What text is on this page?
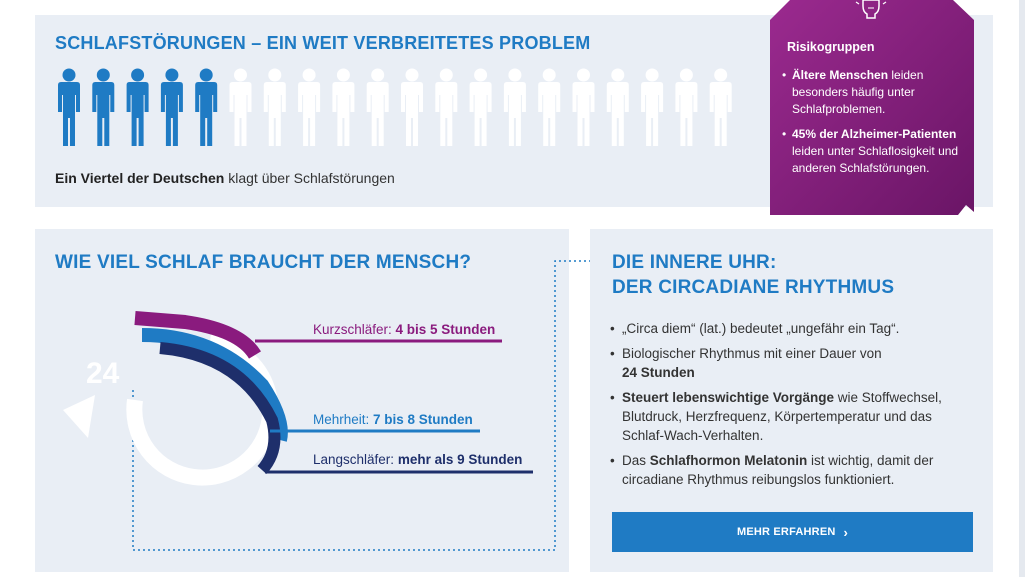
SCHLAFSTÖRUNGEN – EIN WEIT VERBREITETES PROBLEM
Ein Viertel der Deutschen klagt über Schlafstörungen
Risikogruppen
• Ältere Menschen leiden besonders häufig unter Schlafproblemen.
• 45% der Alzheimer-Patienten leiden unter Schlaflosigkeit und anderen Schlafstörungen.
WIE VIEL SCHLAF BRAUCHT DER MENSCH?
24
Kurzschläfer: 4 bis 5 Stunden
Mehrheit: 7 bis 8 Stunden
Langschläfer: mehr als 9 Stunden
DIE INNERE UHR:
DER CIRCADIANE RHYTHMUS
• „Circa diem“ (lat.) bedeutet „ungefähr ein Tag“.
• Biologischer Rhythmus mit einer Dauer von
24 Stunden
• Steuert lebenswichtige Vorgänge wie Stoffwechsel, Blutdruck, Herzfrequenz, Körpertemperatur und das Schlaf-Wach-Verhalten.
• Das Schlafhormon Melatonin ist wichtig, damit der circadiane Rhythmus reibungslos funktioniert.
MEHR ERFAHREN ›
